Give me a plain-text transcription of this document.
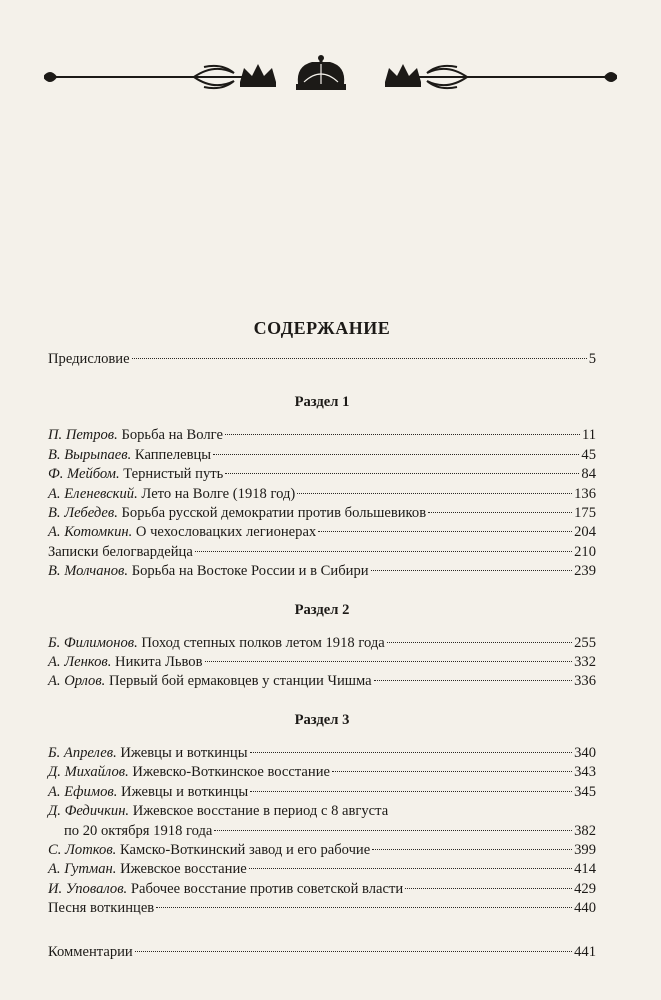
СОДЕРЖАНИЕ
Предисловие	5
Раздел 1
П. Петров. Борьба на Волге	11
В. Вырыпаев. Каппелевцы	45
Ф. Мейбом. Тернистый путь	84
А. Еленевский. Лето на Волге (1918 год)	136
В. Лебедев. Борьба русской демократии против большевиков	175
А. Котомкин. О чехословацких легионерах	204
Записки белогвардейца	210
В. Молчанов. Борьба на Востоке России и в Сибири	239
Раздел 2
Б. Филимонов. Поход степных полков летом 1918 года	255
А. Ленков. Никита Львов	332
А. Орлов. Первый бой ермаковцев у станции Чишма	336
Раздел 3
Б. Апрелев. Ижевцы и воткинцы	340
Д. Михайлов. Ижевско-Воткинское восстание	343
А. Ефимов. Ижевцы и воткинцы	345
Д. Федичкин. Ижевское восстание в период с 8 августа
по 20 октября 1918 года	382
С. Лотков. Камско-Воткинский завод и его рабочие	399
А. Гутман. Ижевское восстание	414
И. Уповалов. Рабочее восстание против советской власти	429
Песня воткинцев	440
Комментарии	441
